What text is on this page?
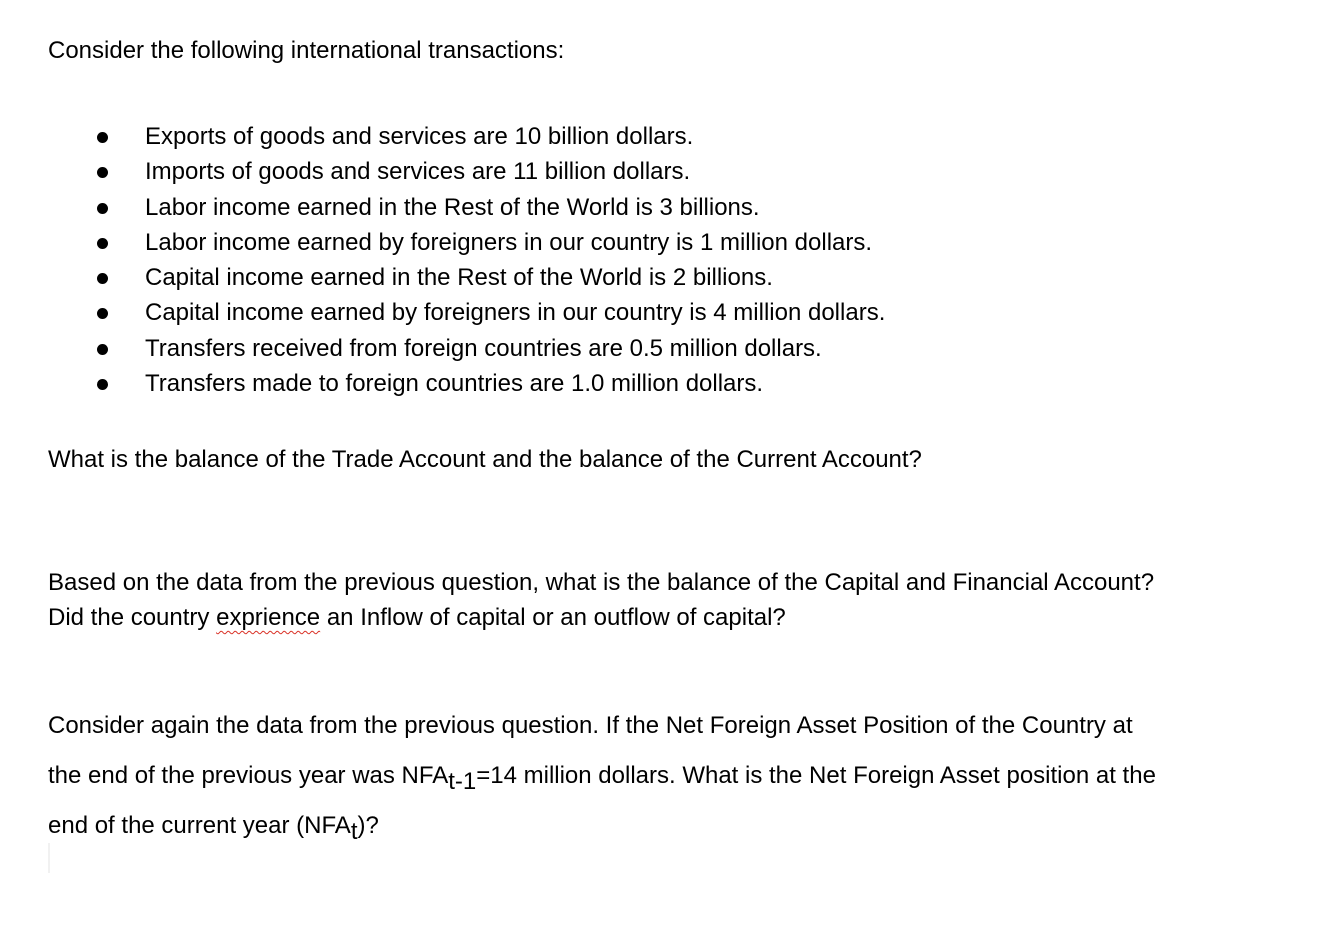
Consider the following international transactions:

Exports of goods and services are 10 billion dollars.
Imports of goods and services are 11 billion dollars.
Labor income earned in the Rest of the World is 3 billions.
Labor income earned by foreigners in our country is 1 million dollars.
Capital income earned in the Rest of the World is 2 billions.
Capital income earned by foreigners in our country is 4 million dollars.
Transfers received from foreign countries are 0.5 million dollars.
Transfers made to foreign countries are 1.0 million dollars.

What is the balance of the Trade Account and the balance of the Current Account?

Based on the data from the previous question, what is the balance of the Capital and Financial Account?
Did the country exprience an Inflow of capital or an outflow of capital?

Consider again the data from the previous question. If the Net Foreign Asset Position of the Country at
the end of the previous year was $NFA_{t-1}=14$ million dollars. What is the Net Foreign Asset position at the
end of the current year $(NFA_t)$?
